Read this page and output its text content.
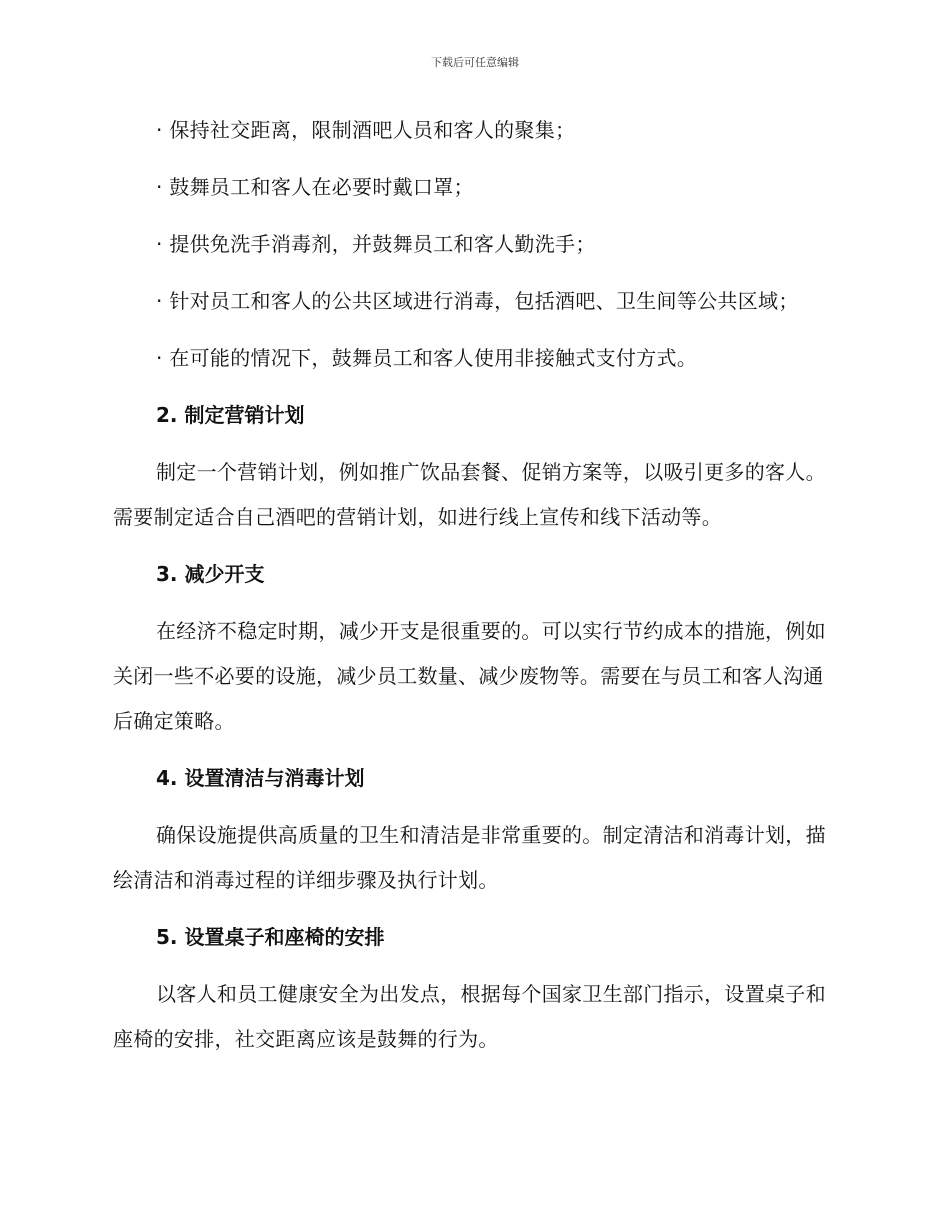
下载后可任意编辑

· 保持社交距离，限制酒吧人员和客人的聚集；

· 鼓舞员工和客人在必要时戴口罩；

· 提供免洗手消毒剂，并鼓舞员工和客人勤洗手；

· 针对员工和客人的公共区域进行消毒，包括酒吧、卫生间等公共区域；

· 在可能的情况下，鼓舞员工和客人使用非接触式支付方式。

2. 制定营销计划

制定一个营销计划，例如推广饮品套餐、促销方案等，以吸引更多的客人。需要制定适合自己酒吧的营销计划，如进行线上宣传和线下活动等。

3. 减少开支

在经济不稳定时期，减少开支是很重要的。可以实行节约成本的措施，例如关闭一些不必要的设施，减少员工数量、减少废物等。需要在与员工和客人沟通后确定策略。

4. 设置清洁与消毒计划

确保设施提供高质量的卫生和清洁是非常重要的。制定清洁和消毒计划，描绘清洁和消毒过程的详细步骤及执行计划。

5. 设置桌子和座椅的安排

以客人和员工健康安全为出发点，根据每个国家卫生部门指示，设置桌子和座椅的安排，社交距离应该是鼓舞的行为。
